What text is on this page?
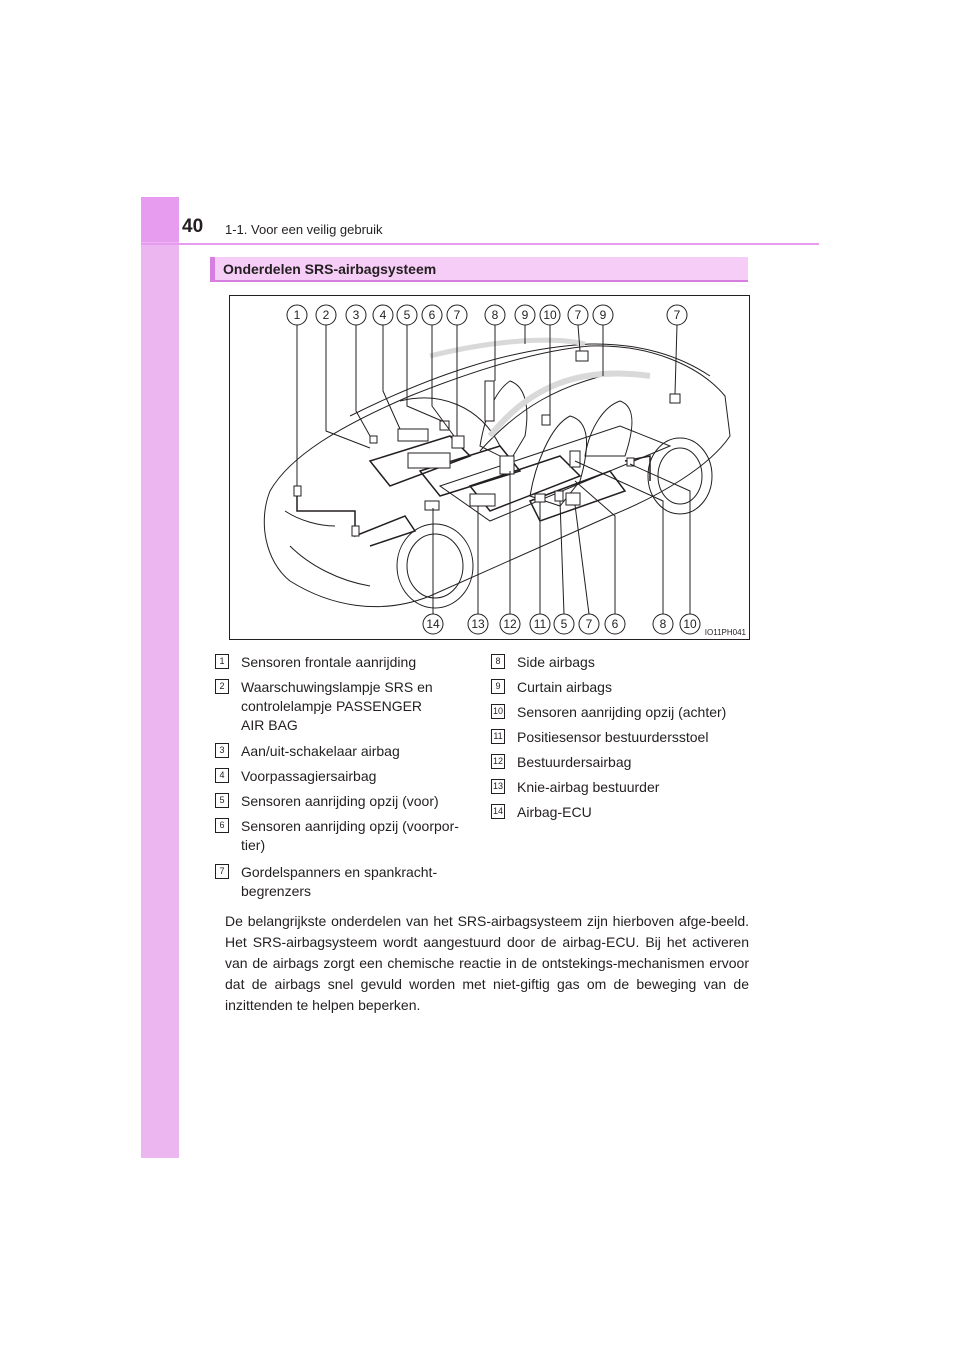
40 1-1. Voor een veilig gebruik
Onderdelen SRS-airbagsysteem
1 2 3 4 5 6 7	8 9 10 7 9	7
14	13 12 11 5 7 6	8 10
IO11PH041
1	Sensoren frontale aanrijding
2	Waarschuwingslampje SRS en
controlelampje PASSENGER
AIR BAG
3	Aan/uit-schakelaar airbag
4	Voorpassagiersairbag
5	Sensoren aanrijding opzij (voor)
6	Sensoren aanrijding opzij (voorpor-
tier)
7	Gordelspanners en spankracht-
begrenzers
8	Side airbags
9	Curtain airbags
10 Sensoren aanrijding opzij (achter)
11 Positiesensor bestuurdersstoel
12 Bestuurdersairbag
13 Knie-airbag bestuurder
14 Airbag-ECU
De belangrijkste onderdelen van het SRS-airbagsysteem zijn hierboven afge-beeld. Het SRS-airbagsysteem wordt aangestuurd door de airbag-ECU. Bij het activeren van de airbags zorgt een chemische reactie in de ontstekings-mechanismen ervoor dat de airbags snel gevuld worden met niet-giftig gas om de beweging van de inzittenden te helpen beperken.
